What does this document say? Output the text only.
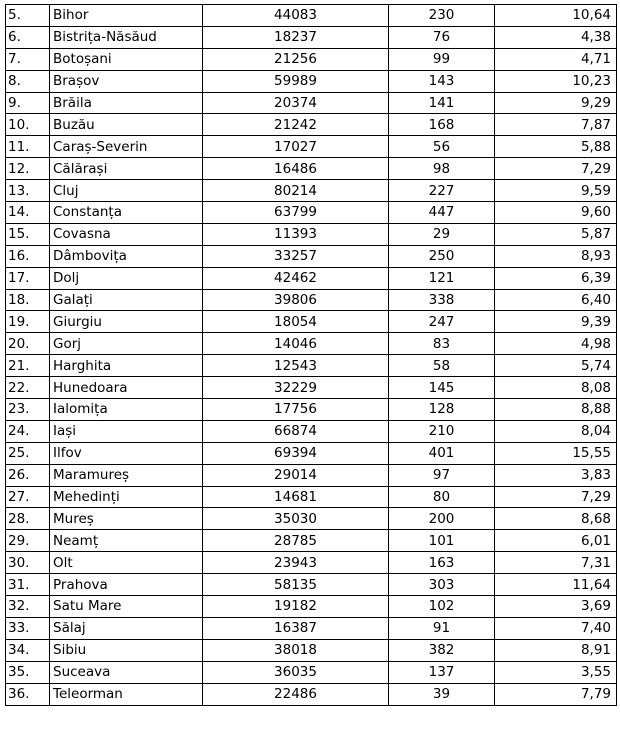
5.	Bihor	44083	230	10,64
6.	Bistrița-Năsăud	18237	76	4,38
7.	Botoșani	21256	99	4,71
8.	Brașov	59989	143	10,23
9.	Brăila	20374	141	9,29
10.	Buzău	21242	168	7,87
11.	Caraș-Severin	17027	56	5,88
12.	Călărași	16486	98	7,29
13.	Cluj	80214	227	9,59
14.	Constanța	63799	447	9,60
15.	Covasna	11393	29	5,87
16.	Dâmbovița	33257	250	8,93
17.	Dolj	42462	121	6,39
18.	Galați	39806	338	6,40
19.	Giurgiu	18054	247	9,39
20.	Gorj	14046	83	4,98
21.	Harghita	12543	58	5,74
22.	Hunedoara	32229	145	8,08
23.	Ialomița	17756	128	8,88
24.	Iași	66874	210	8,04
25.	Ilfov	69394	401	15,55
26.	Maramureș	29014	97	3,83
27.	Mehedinți	14681	80	7,29
28.	Mureș	35030	200	8,68
29.	Neamț	28785	101	6,01
30.	Olt	23943	163	7,31
31.	Prahova	58135	303	11,64
32.	Satu Mare	19182	102	3,69
33.	Sălaj	16387	91	7,40
34.	Sibiu	38018	382	8,91
35.	Suceava	36035	137	3,55
36.	Teleorman	22486	39	7,79
